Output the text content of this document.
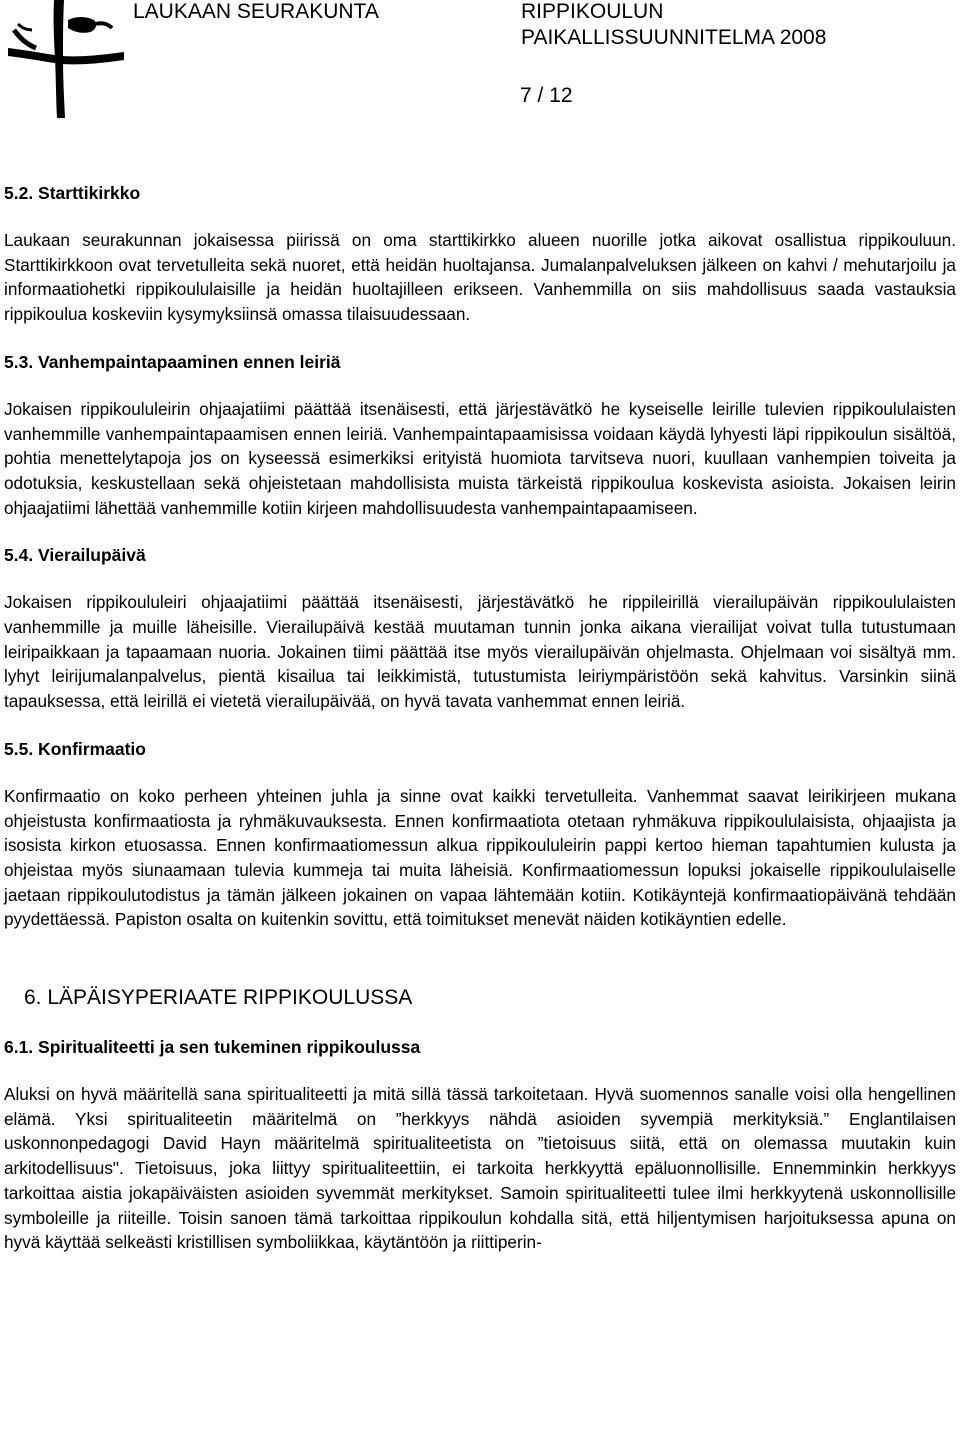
LAUKAAN SEURAKUNTA	RIPPIKOULUN
PAIKALLISSUUNNITELMA 2008
7 / 12
5.2. Starttikirkko

Laukaan seurakunnan jokaisessa piirissä on oma starttikirkko alueen nuorille jotka aikovat osallistua rippikouluun. Starttikirkkoon ovat tervetulleita sekä nuoret, että heidän huoltajansa. Jumalanpalveluksen jälkeen on kahvi / mehutarjoilu ja informaatiohetki rippikoululaisille ja heidän huoltajilleen erikseen. Vanhemmilla on siis mahdollisuus saada vastauksia rippikoulua koskeviin kysymyksiinsä omassa tilaisuudessaan.

5.3. Vanhempaintapaaminen ennen leiriä

Jokaisen rippikoululeirin ohjaajatiimi päättää itsenäisesti, että järjestävätkö he kyseiselle leirille tulevien rippikoululaisten vanhemmille vanhempaintapaamisen ennen leiriä. Vanhempaintapaamisissa voidaan käydä lyhyesti läpi rippikoulun sisältöä, pohtia menettelytapoja jos on kyseessä esimerkiksi erityistä huomiota tarvitseva nuori, kuullaan vanhempien toiveita ja odotuksia, keskustellaan sekä ohjeistetaan mahdollisista muista tärkeistä rippikoulua koskevista asioista. Jokaisen leirin ohjaajatiimi lähettää vanhemmille kotiin kirjeen mahdollisuudesta vanhempaintapaamiseen.

5.4. Vierailupäivä

Jokaisen rippikoululeiri ohjaajatiimi päättää itsenäisesti, järjestävätkö he rippileirillä vierailupäivän rippikoululaisten vanhemmille ja muille läheisille. Vierailupäivä kestää muutaman tunnin jonka aikana vierailijat voivat tulla tutustumaan leiripaikkaan ja tapaamaan nuoria. Jokainen tiimi päättää itse myös vierailupäivän ohjelmasta. Ohjelmaan voi sisältyä mm. lyhyt leirijumalanpalvelus, pientä kisailua tai leikkimistä, tutustumista leiriympäristöön sekä kahvitus. Varsinkin siinä tapauksessa, että leirillä ei vietetä vierailupäivää, on hyvä tavata vanhemmat ennen leiriä.

5.5. Konfirmaatio

Konfirmaatio on koko perheen yhteinen juhla ja sinne ovat kaikki tervetulleita. Vanhemmat saavat leirikirjeen mukana ohjeistusta konfirmaatiosta ja ryhmäkuvauksesta. Ennen konfirmaatiota otetaan ryhmäkuva rippikoululaisista, ohjaajista ja isosista kirkon etuosassa. Ennen konfirmaatiomessun alkua rippikoululeirin pappi kertoo hieman tapahtumien kulusta ja ohjeistaa myös siunaamaan tulevia kummeja tai muita läheisiä. Konfirmaatiomessun lopuksi jokaiselle rippikoululaiselle jaetaan rippikoulutodistus ja tämän jälkeen jokainen on vapaa lähtemään kotiin. Kotikäyntejä konfirmaatiopäivänä tehdään pyydettäessä. Papiston osalta on kuitenkin sovittu, että toimitukset menevät näiden kotikäyntien edelle.

6. LÄPÄISYPERIAATE RIPPIKOULUSSA
6.1. Spiritualiteetti ja sen tukeminen rippikoulussa

Aluksi on hyvä määritellä sana spiritualiteetti ja mitä sillä tässä tarkoitetaan. Hyvä suomennos sanalle voisi olla hengellinen elämä. Yksi spiritualiteetin määritelmä on ”herkkyys nähdä asioiden syvempiä merkityksiä.” Englantilaisen uskonnonpedagogi David Hayn määritelmä spiritualiteetista on ”tietoisuus siitä, että on olemassa muutakin kuin arkitodellisuus". Tietoisuus, joka liittyy spiritualiteettiin, ei tarkoita herkkyyttä epäluonnollisille. Ennemminkin herkkyys tarkoittaa aistia jokapäiväisten asioiden syvemmät merkitykset. Samoin spiritualiteetti tulee ilmi herkkyytenä uskonnollisille symboleille ja riiteille. Toisin sanoen tämä tarkoittaa rippikoulun kohdalla sitä, että hiljentymisen harjoituksessa apuna on hyvä käyttää selkeästi kristillisen symboliikkaa, käytäntöön ja riittiperin-
